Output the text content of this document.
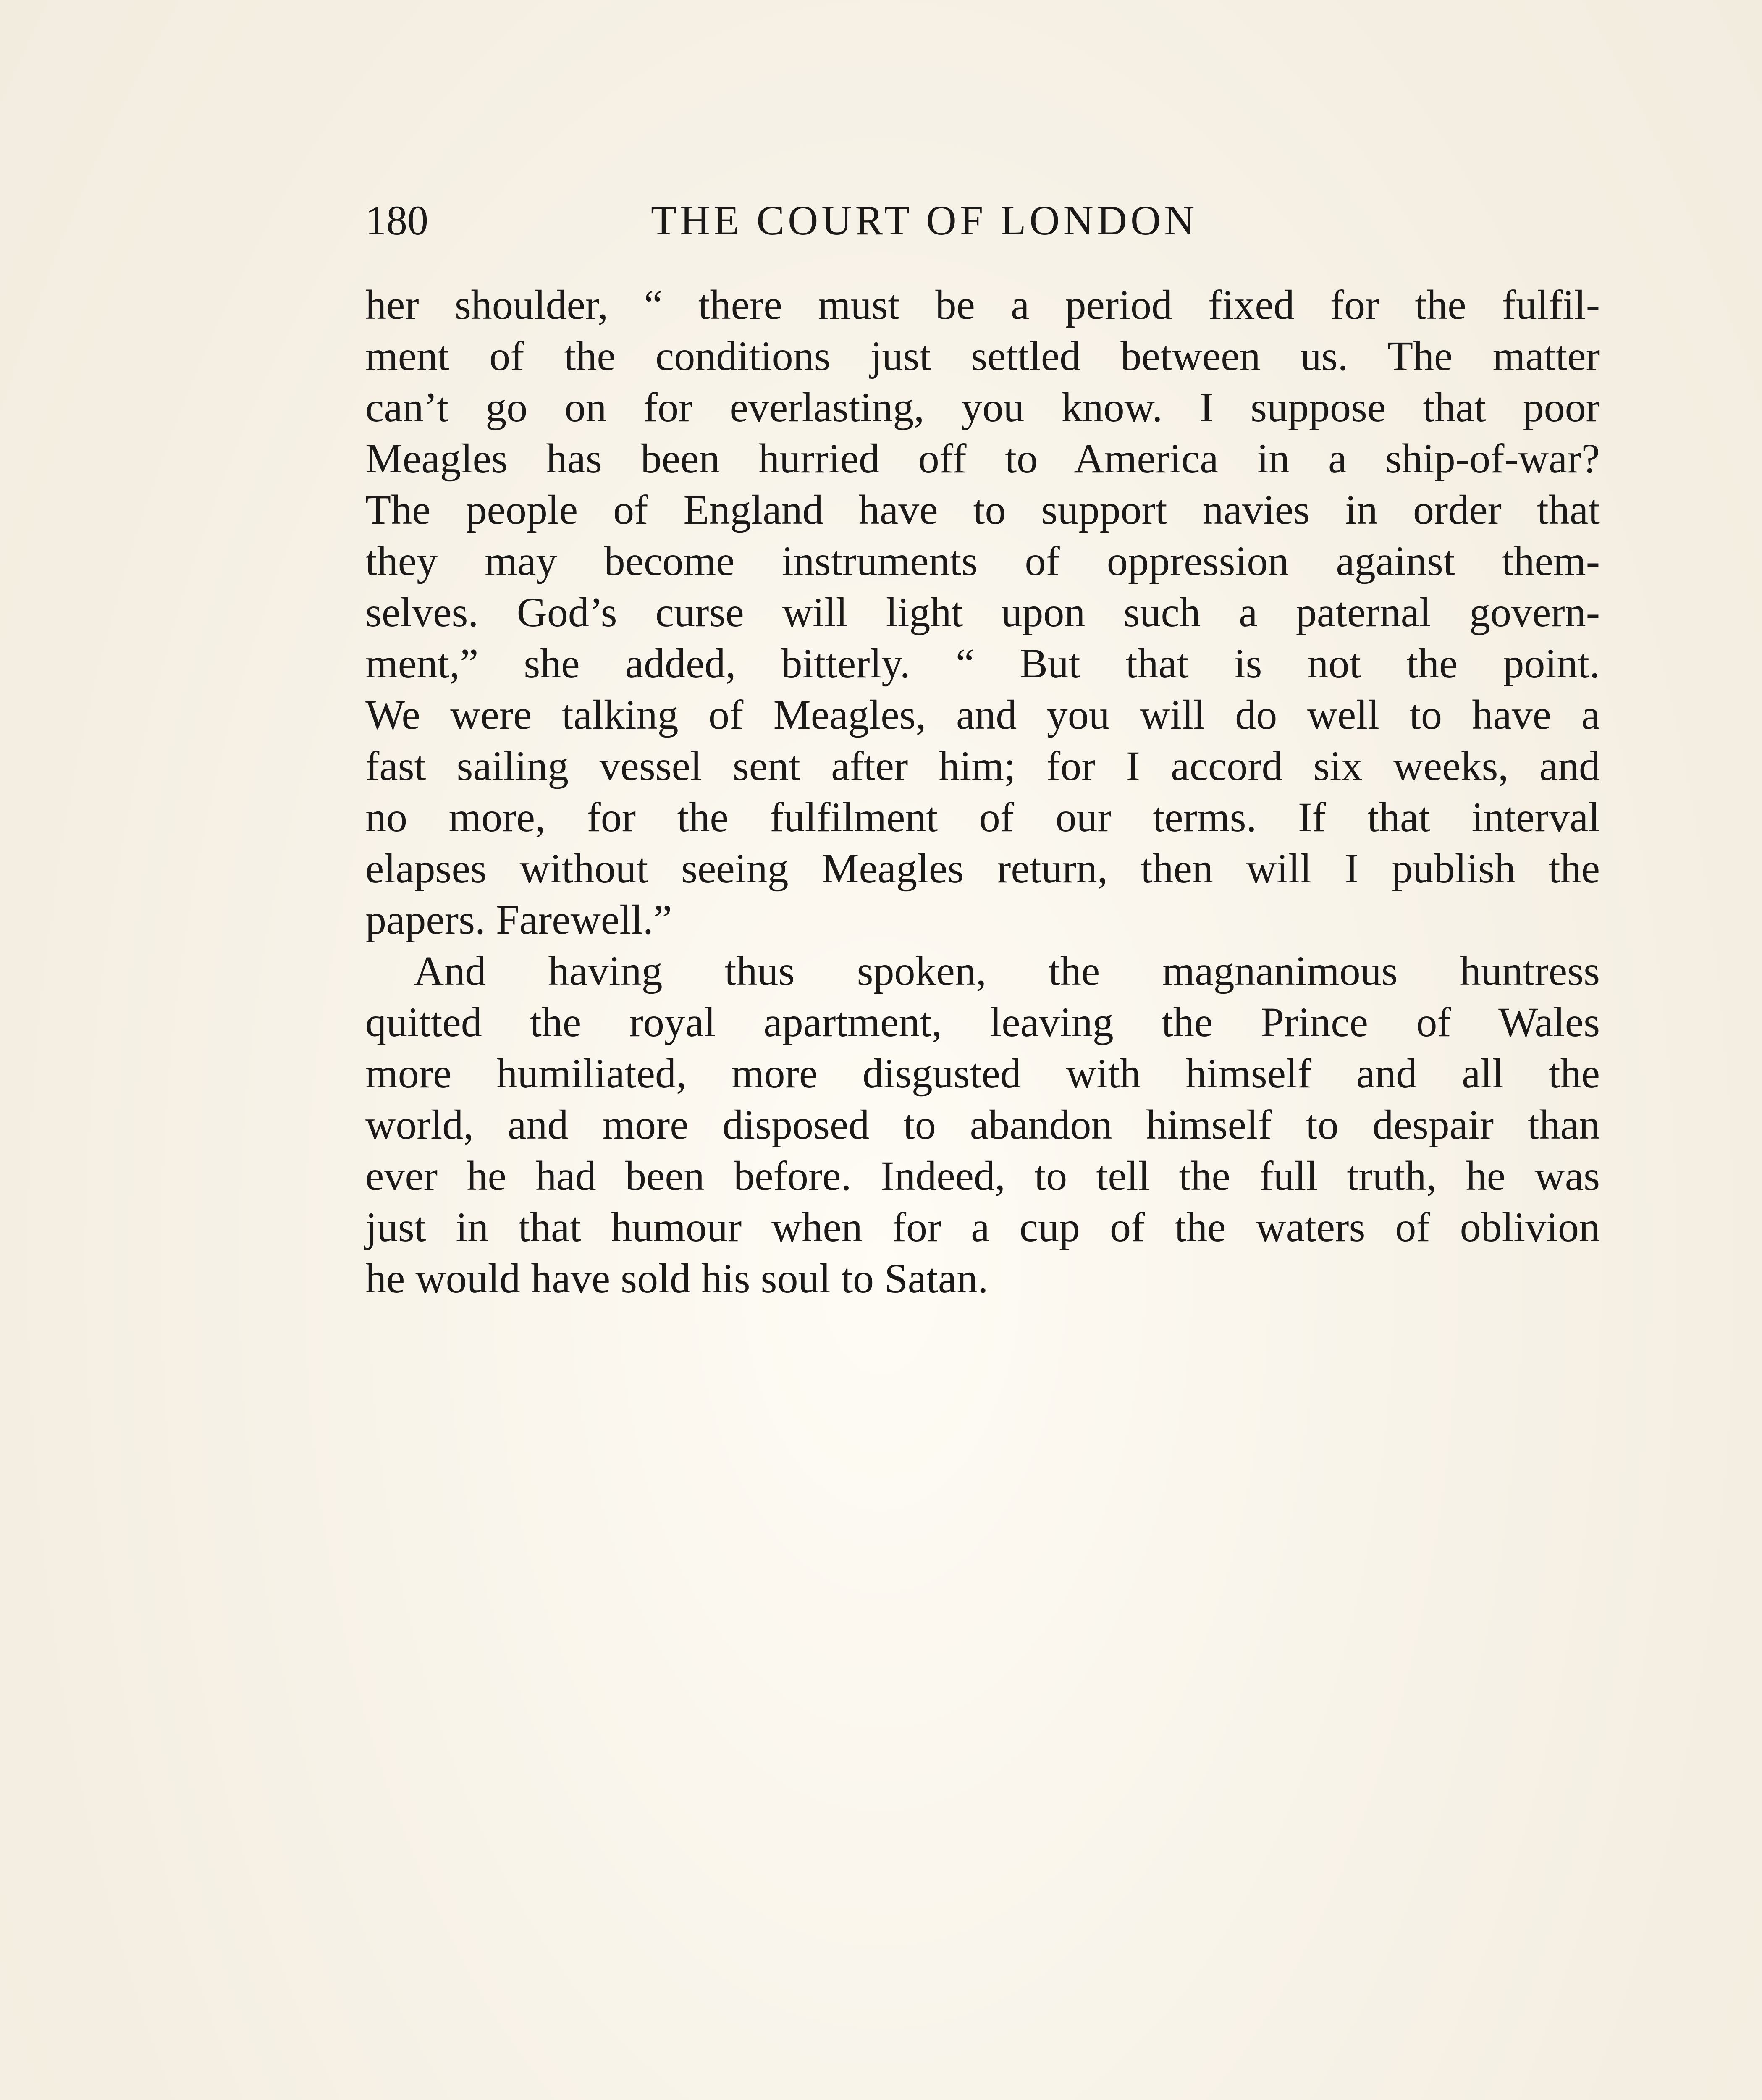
180	THE COURT OF LONDON
her shoulder, “ there must be a period fixed for the fulfil-
ment of the conditions just settled between us. The matter
can’t go on for everlasting, you know. I suppose that poor
Meagles has been hurried off to America in a ship-of-war?
The people of England have to support navies in order that
they may become instruments of oppression against them-
selves. God’s curse will light upon such a paternal govern-
ment,” she added, bitterly. “ But that is not the point.
We were talking of Meagles, and you will do well to have a
fast sailing vessel sent after him; for I accord six weeks, and
no more, for the fulfilment of our terms. If that interval
elapses without seeing Meagles return, then will I publish the
papers. Farewell.”
And having thus spoken, the magnanimous huntress
quitted the royal apartment, leaving the Prince of Wales
more humiliated, more disgusted with himself and all the
world, and more disposed to abandon himself to despair than
ever he had been before. Indeed, to tell the full truth, he was
just in that humour when for a cup of the waters of oblivion
he would have sold his soul to Satan.
